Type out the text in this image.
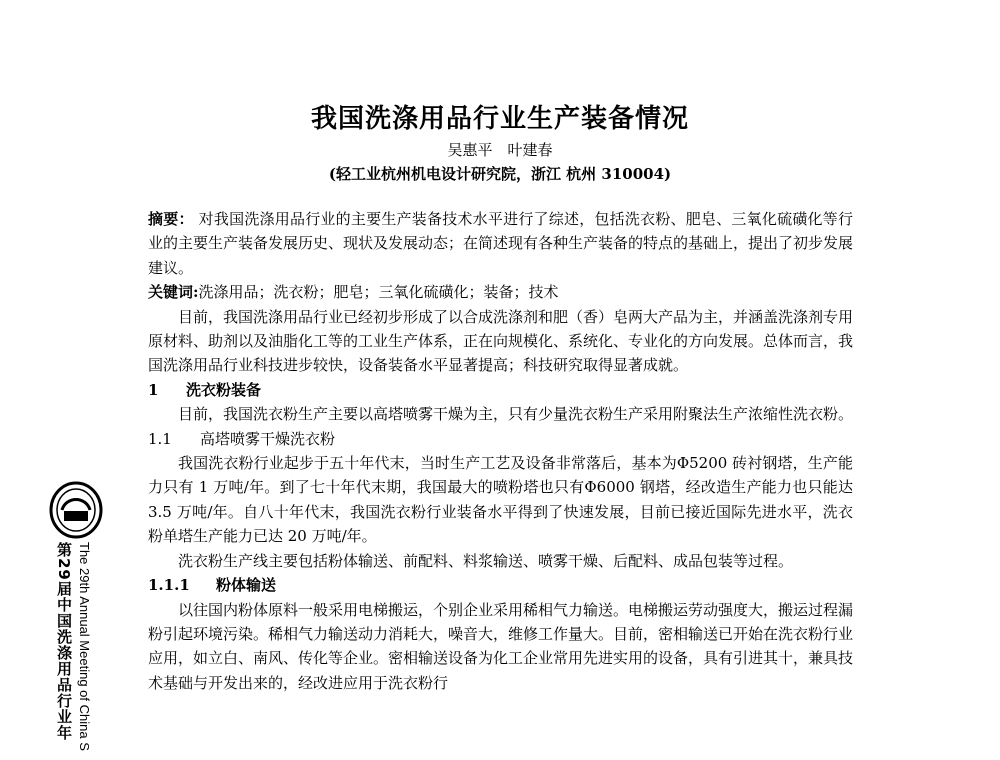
我国洗涤用品行业生产装备情况
吴惠平　叶建春
(轻工业杭州机电设计研究院，浙江 杭州 310004)

摘要： 对我国洗涤用品行业的主要生产装备技术水平进行了综述，包括洗衣粉、肥皂、三氧化硫磺化等行业的主要生产装备发展历史、现状及发展动态；在简述现有各种生产装备的特点的基础上，提出了初步发展建议。

关键词:洗涤用品；洗衣粉；肥皂；三氧化硫磺化；装备；技术

目前，我国洗涤用品行业已经初步形成了以合成洗涤剂和肥（香）皂两大产品为主，并涵盖洗涤剂专用原材料、助剂以及油脂化工等的工业生产体系，正在向规模化、系统化、专业化的方向发展。总体而言，我国洗涤用品行业科技进步较快，设备装备水平显著提高；科技研究取得显著成就。

1 洗衣粉装备

目前，我国洗衣粉生产主要以高塔喷雾干燥为主，只有少量洗衣粉生产采用附聚法生产浓缩性洗衣粉。

1.1 高塔喷雾干燥洗衣粉

我国洗衣粉行业起步于五十年代末，当时生产工艺及设备非常落后，基本为Φ5200 砖衬钢塔，生产能力只有 1 万吨/年。到了七十年代末期，我国最大的喷粉塔也只有Φ6000 钢塔，经改造生产能力也只能达 3.5 万吨/年。自八十年代末，我国洗衣粉行业装备水平得到了快速发展，目前已接近国际先进水平，洗衣粉单塔生产能力已达 20 万吨/年。

洗衣粉生产线主要包括粉体输送、前配料、料浆输送、喷雾干燥、后配料、成品包装等过程。

1.1.1 粉体输送

以往国内粉体原料一般采用电梯搬运，个别企业采用稀相气力输送。电梯搬运劳动强度大，搬运过程漏粉引起环境污染。稀相气力输送动力消耗大，噪音大，维修工作量大。目前，密相输送已开始在洗衣粉行业应用，如立白、南风、传化等企业。密相输送设备为化工企业常用先进实用的设备，具有引进其十，兼具技术基础与开发出来的，经改进应用于洗衣粉行

第29届中国洗涤用品行业年 The 29th Annual Meeting of China S
